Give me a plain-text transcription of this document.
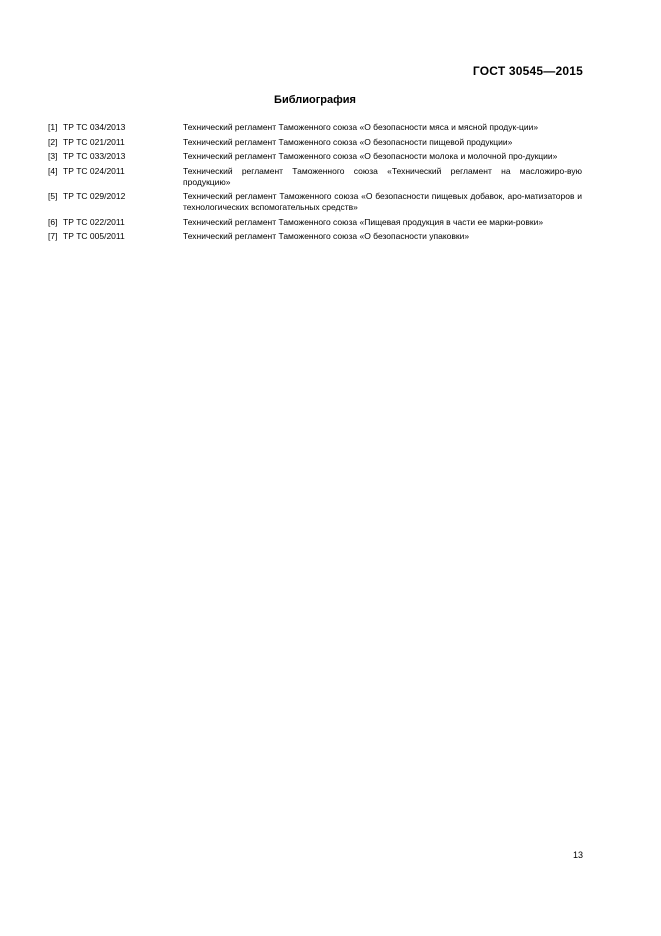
ГОСТ 30545—2015
Библиография
[1] ТР ТС 034/2013	Технический регламент Таможенного союза «О безопасности мяса и мясной продук-ции»
[2] ТР ТС 021/2011	Технический регламент Таможенного союза «О безопасности пищевой продукции»
[3] ТР ТС 033/2013	Технический регламент Таможенного союза «О безопасности молока и молочной про-дукции»
[4] ТР ТС 024/2011	Технический регламент Таможенного союза «Технический регламент на масложиро-вую продукцию»
[5] ТР ТС 029/2012	Технический регламент Таможенного союза «О безопасности пищевых добавок, аро-матизаторов и технологических вспомогательных средств»
[6] ТР ТС 022/2011	Технический регламент Таможенного союза «Пищевая продукция в части ее марки-ровки»
[7] ТР ТС 005/2011	Технический регламент Таможенного союза «О безопасности упаковки»
13
